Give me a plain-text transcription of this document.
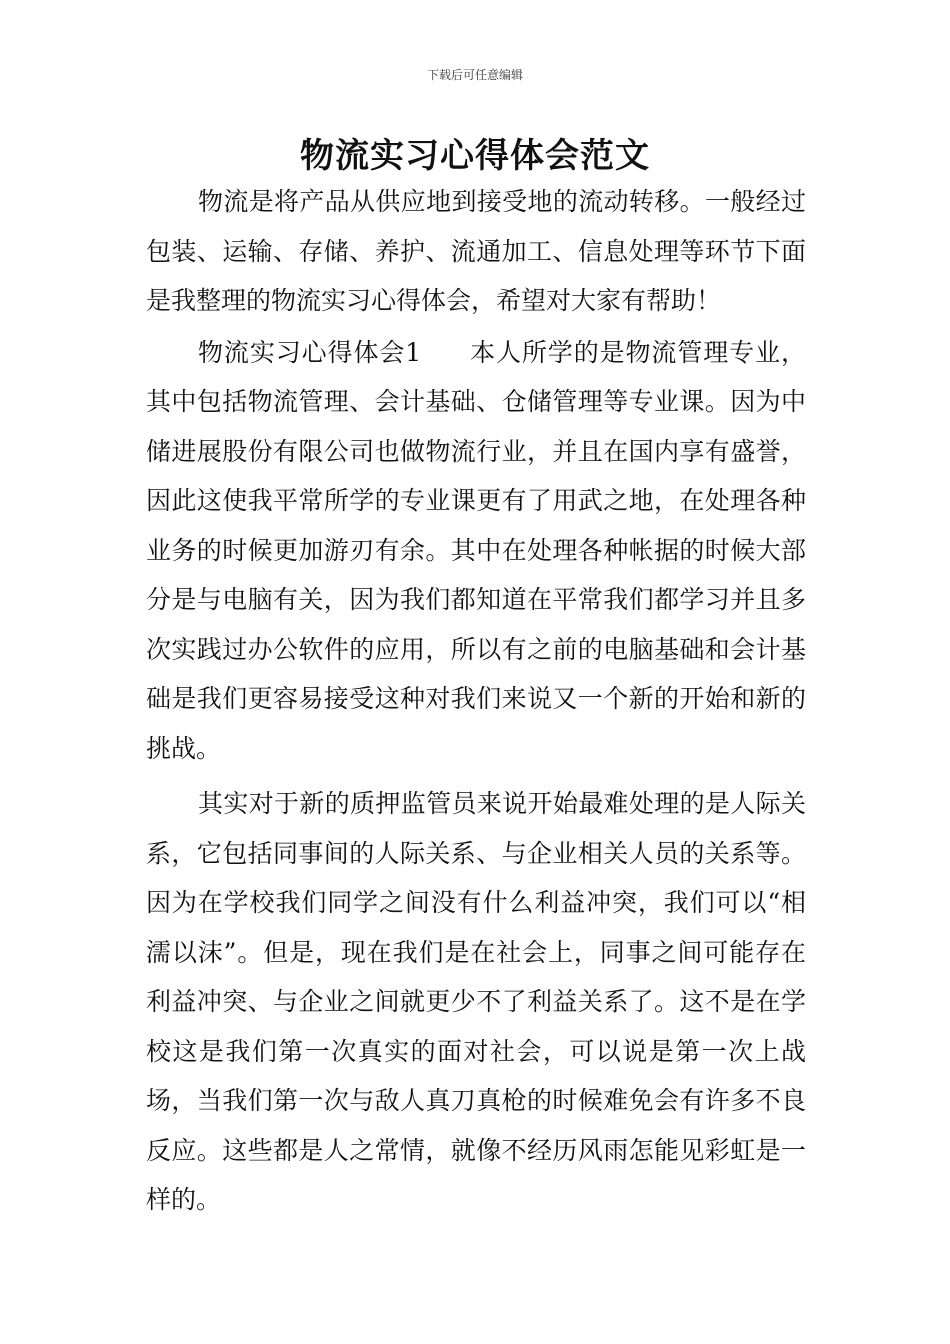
下载后可任意编辑
物流实习心得体会范文

物流是将产品从供应地到接受地的流动转移。一般经过包装、运输、存储、养护、流通加工、信息处理等环节下面是我整理的物流实习心得体会，希望对大家有帮助！

物流实习心得体会1 本人所学的是物流管理专业，其中包括物流管理、会计基础、仓储管理等专业课。因为中储进展股份有限公司也做物流行业，并且在国内享有盛誉，因此这使我平常所学的专业课更有了用武之地，在处理各种业务的时候更加游刃有余。其中在处理各种帐据的时候大部分是与电脑有关，因为我们都知道在平常我们都学习并且多次实践过办公软件的应用，所以有之前的电脑基础和会计基础是我们更容易接受这种对我们来说又一个新的开始和新的挑战。

其实对于新的质押监管员来说开始最难处理的是人际关系，它包括同事间的人际关系、与企业相关人员的关系等。因为在学校我们同学之间没有什么利益冲突，我们可以“相濡以沫”。但是，现在我们是在社会上，同事之间可能存在利益冲突、与企业之间就更少不了利益关系了。这不是在学校这是我们第一次真实的面对社会，可以说是第一次上战场，当我们第一次与敌人真刀真枪的时候难免会有许多不良反应。这些都是人之常情，就像不经历风雨怎能见彩虹是一样的。
